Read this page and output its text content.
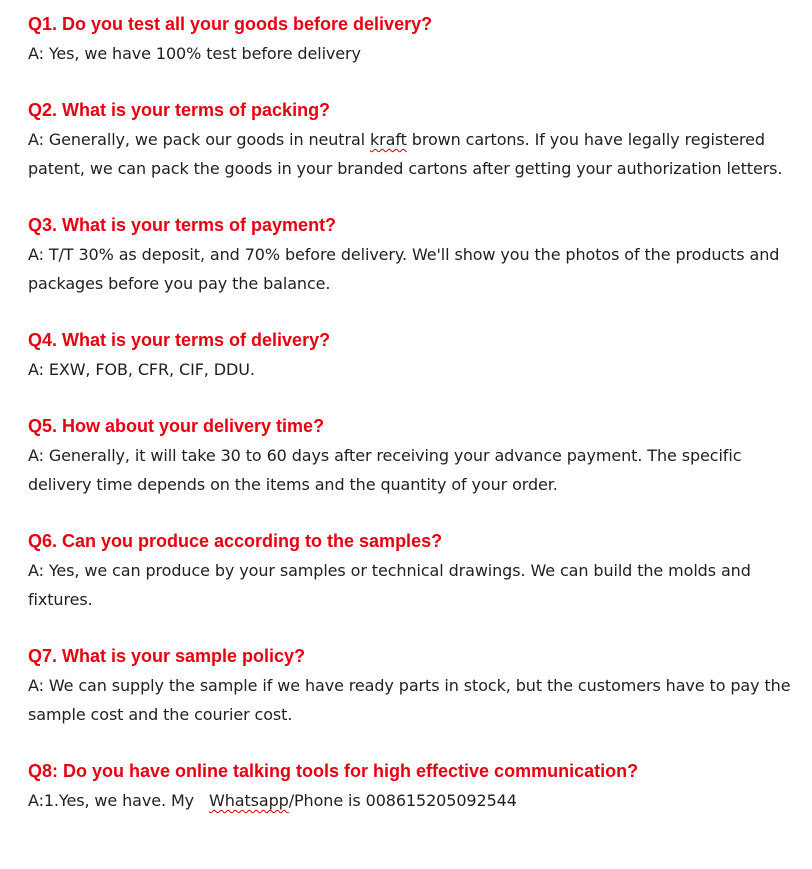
Q1. Do you test all your goods before delivery?

A: Yes, we have 100% test before delivery

Q2. What is your terms of packing?

A: Generally, we pack our goods in neutral kraft brown cartons. If you have legally registered patent, we can pack the goods in your branded cartons after getting your authorization letters.

Q3. What is your terms of payment?

A: T/T 30% as deposit, and 70% before delivery. We'll show you the photos of the products and packages before you pay the balance.

Q4. What is your terms of delivery?

A: EXW, FOB, CFR, CIF, DDU.

Q5. How about your delivery time?

A: Generally, it will take 30 to 60 days after receiving your advance payment. The specific delivery time depends on the items and the quantity of your order.

Q6. Can you produce according to the samples?

A: Yes, we can produce by your samples or technical drawings. We can build the molds and fixtures.

Q7. What is your sample policy?

A: We can supply the sample if we have ready parts in stock, but the customers have to pay the sample cost and the courier cost.

Q8: Do you have online talking tools for high effective communication?

A:1.Yes, we have. My   Whatsapp/Phone is 008615205092544
